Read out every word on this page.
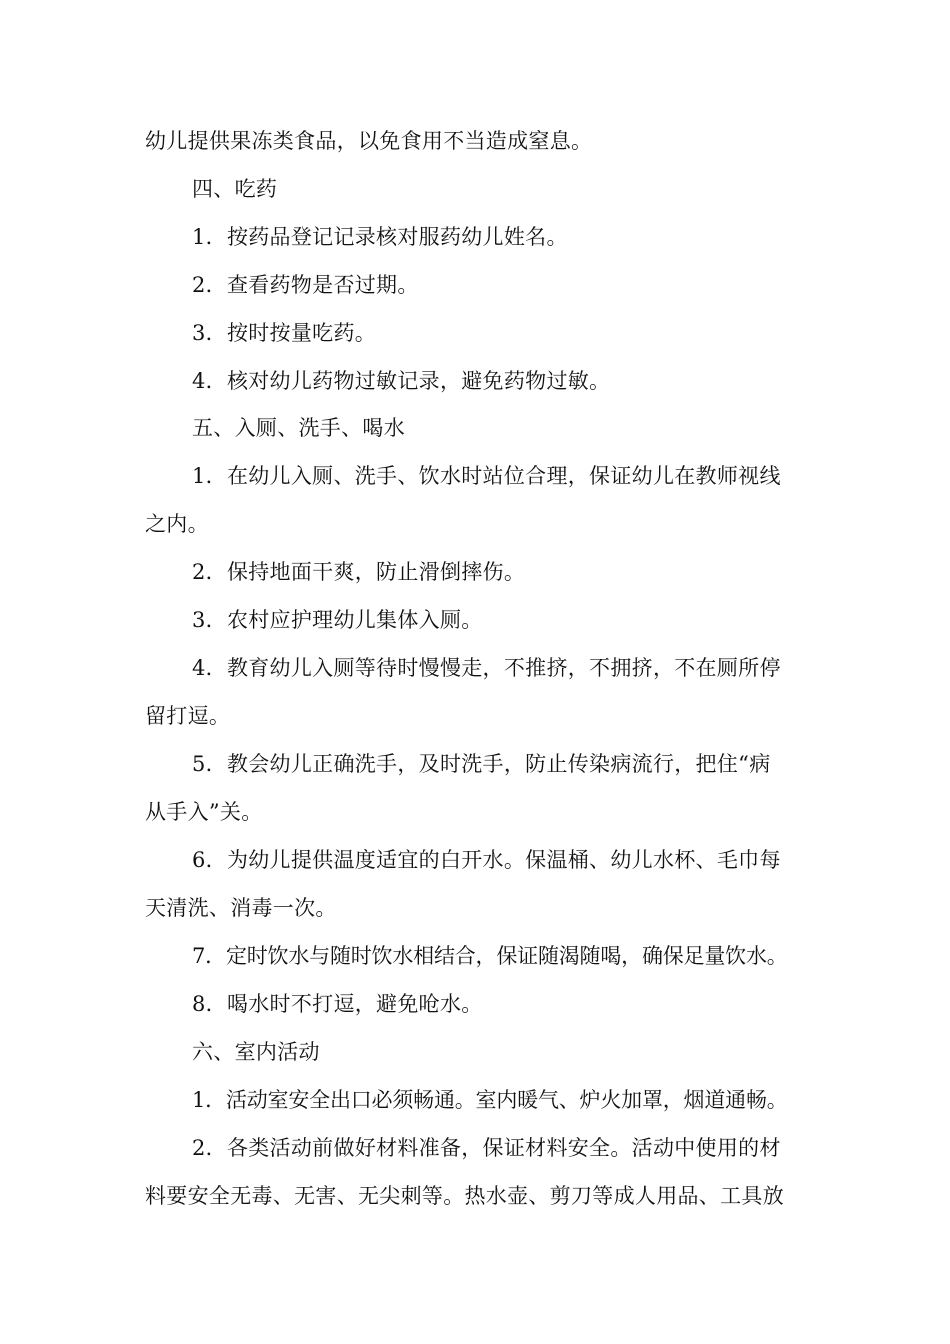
幼儿提供果冻类食品，以免食用不当造成窒息。
四、吃药
1．按药品登记记录核对服药幼儿姓名。
2．查看药物是否过期。
3．按时按量吃药。
4．核对幼儿药物过敏记录，避免药物过敏。
五、入厕、洗手、喝水
1．在幼儿入厕、洗手、饮水时站位合理，保证幼儿在教师视线
之内。
2．保持地面干爽，防止滑倒摔伤。
3．农村应护理幼儿集体入厕。
4．教育幼儿入厕等待时慢慢走，不推挤，不拥挤，不在厕所停
留打逗。
5．教会幼儿正确洗手，及时洗手，防止传染病流行，把住“病
从手入”关。
6．为幼儿提供温度适宜的白开水。保温桶、幼儿水杯、毛巾每
天清洗、消毒一次。
7．定时饮水与随时饮水相结合，保证随渴随喝，确保足量饮水。
8．喝水时不打逗，避免呛水。
六、室内活动
1．活动室安全出口必须畅通。室内暖气、炉火加罩，烟道通畅。
2．各类活动前做好材料准备，保证材料安全。活动中使用的材
料要安全无毒、无害、无尖刺等。热水壶、剪刀等成人用品、工具放
